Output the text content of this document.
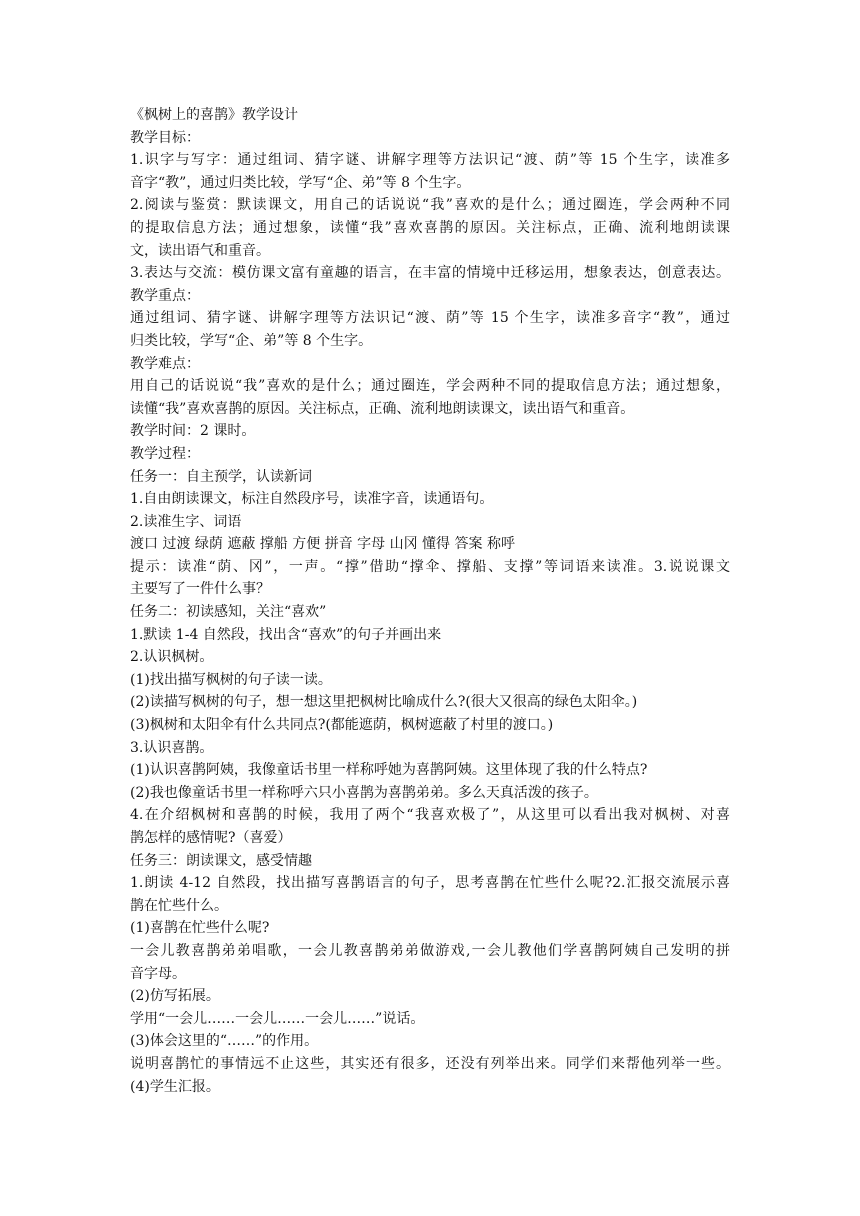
《枫树上的喜鹊》教学设计
教学目标：
1.识字与写字：通过组词、猜字谜、讲解字理等方法识记“渡、荫”等 15 个生字，读准多
音字“教”，通过归类比较，学写“企、弟”等 8 个生字。
2.阅读与鉴赏：默读课文，用自己的话说说“我”喜欢的是什么；通过圈连，学会两种不同
的提取信息方法；通过想象，读懂“我”喜欢喜鹊的原因。关注标点，正确、流利地朗读课
文，读出语气和重音。
3.表达与交流：模仿课文富有童趣的语言，在丰富的情境中迁移运用，想象表达，创意表达。
教学重点：
通过组词、猜字谜、讲解字理等方法识记“渡、荫”等 15 个生字，读准多音字“教”，通过
归类比较，学写“企、弟”等 8 个生字。
教学难点：
用自己的话说说“我”喜欢的是什么；通过圈连，学会两种不同的提取信息方法；通过想象，
读懂“我”喜欢喜鹊的原因。关注标点，正确、流利地朗读课文，读出语气和重音。
教学时间：2 课时。
教学过程：
任务一：自主预学，认读新词
1.自由朗读课文，标注自然段序号，读准字音，读通语句。
2.读准生字、词语
渡口 过渡 绿荫 遮蔽 撑船 方便 拼音 字母 山冈 懂得 答案 称呼
提示：读准“荫、冈”，一声。“撑”借助“撑伞、撑船、支撑”等词语来读准。3.说说课文
主要写了一件什么事？
任务二：初读感知，关注“喜欢”
1.默读 1-4 自然段，找出含“喜欢”的句子并画出来
2.认识枫树。
(1)找出描写枫树的句子读一读。
(2)读描写枫树的句子，想一想这里把枫树比喻成什么?(很大又很高的绿色太阳伞。)
(3)枫树和太阳伞有什么共同点?(都能遮荫，枫树遮蔽了村里的渡口。)
3.认识喜鹊。
(1)认识喜鹊阿姨，我像童话书里一样称呼她为喜鹊阿姨。这里体现了我的什么特点?
(2)我也像童话书里一样称呼六只小喜鹊为喜鹊弟弟。多么天真活泼的孩子。
4.在介绍枫树和喜鹊的时候，我用了两个“我喜欢极了”，从这里可以看出我对枫树、对喜
鹊怎样的感情呢?（喜爱）
任务三：朗读课文，感受情趣
1.朗读 4-12 自然段，找出描写喜鹊语言的句子，思考喜鹊在忙些什么呢?2.汇报交流展示喜
鹊在忙些什么。
(1)喜鹊在忙些什么呢?
一会儿教喜鹊弟弟唱歌，一会儿教喜鹊弟弟做游戏,一会儿教他们学喜鹊阿姨自己发明的拼
音字母。
(2)仿写拓展。
学用“一会儿……一会儿……一会儿……”说话。
(3)体会这里的“……”的作用。
说明喜鹊忙的事情远不止这些，其实还有很多，还没有列举出来。同学们来帮他列举一些。
(4)学生汇报。
